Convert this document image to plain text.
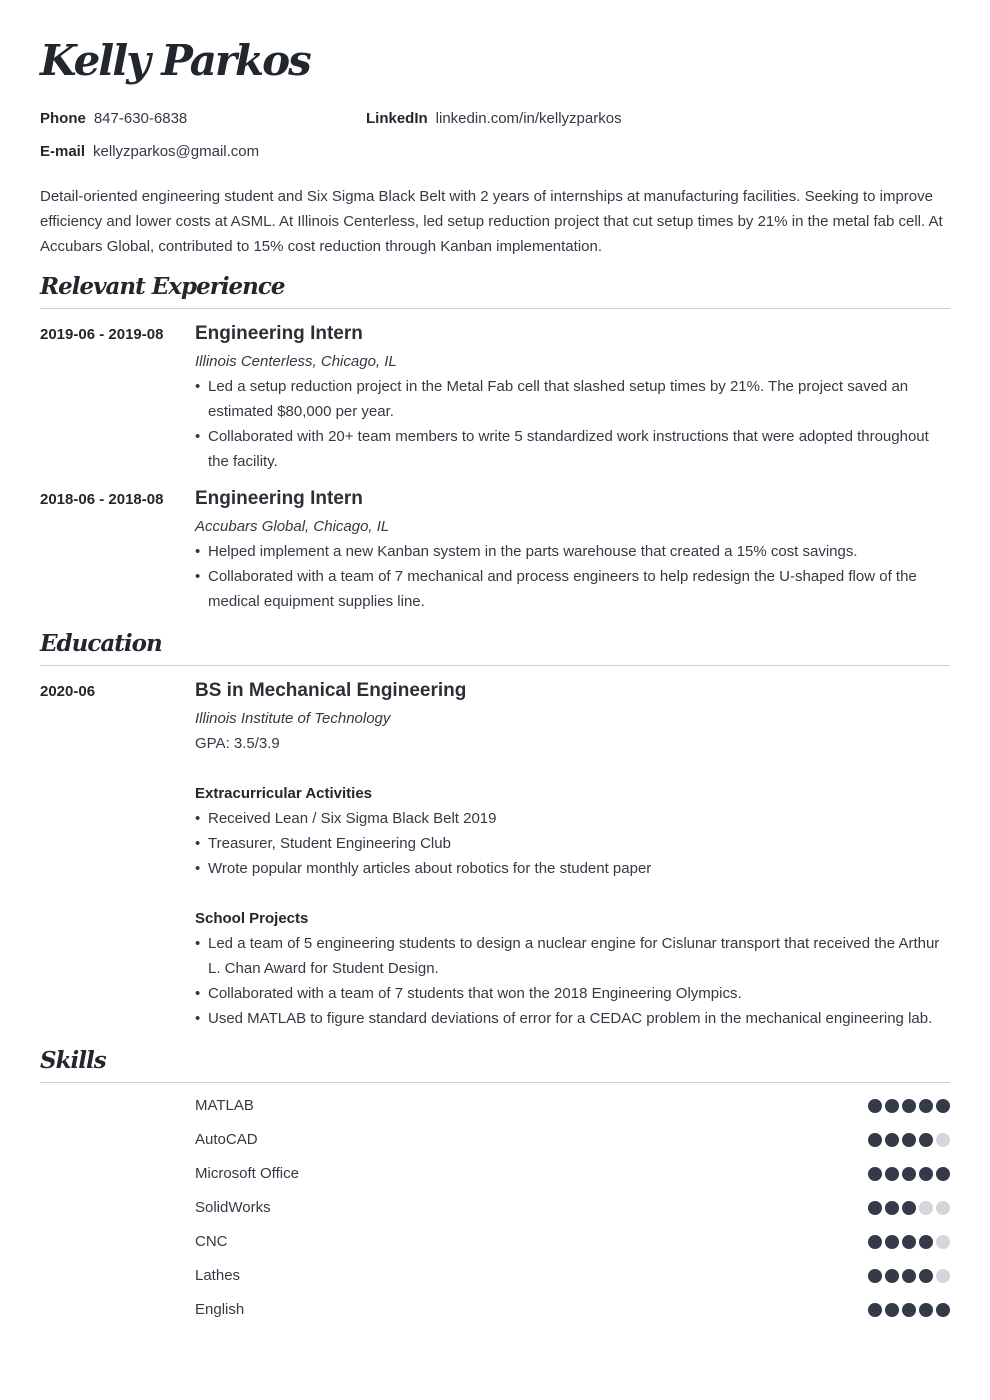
Kelly Parkos
Phone 847-630-6838	LinkedIn linkedin.com/in/kellyzparkos
E-mail kellyzparkos@gmail.com
Detail-oriented engineering student and Six Sigma Black Belt with 2 years of internships at manufacturing facilities. Seeking to improve efficiency and lower costs at ASML. At Illinois Centerless, led setup reduction project that cut setup times by 21% in the metal fab cell. At Accubars Global, contributed to 15% cost reduction through Kanban implementation.
Relevant Experience
2019-06 - 2019-08 Engineering Intern
Illinois Centerless, Chicago, IL
• Led a setup reduction project in the Metal Fab cell that slashed setup times by 21%. The project saved an estimated $80,000 per year.
• Collaborated with 20+ team members to write 5 standardized work instructions that were adopted throughout the facility.
2018-06 - 2018-08 Engineering Intern
Accubars Global, Chicago, IL
• Helped implement a new Kanban system in the parts warehouse that created a 15% cost savings.
• Collaborated with a team of 7 mechanical and process engineers to help redesign the U-shaped flow of the medical equipment supplies line.
Education
2020-06	BS in Mechanical Engineering
Illinois Institute of Technology
GPA: 3.5/3.9
Extracurricular Activities
• Received Lean / Six Sigma Black Belt 2019
• Treasurer, Student Engineering Club
• Wrote popular monthly articles about robotics for the student paper
School Projects
• Led a team of 5 engineering students to design a nuclear engine for Cislunar transport that received the Arthur L. Chan Award for Student Design.
• Collaborated with a team of 7 students that won the 2018 Engineering Olympics.
• Used MATLAB to figure standard deviations of error for a CEDAC problem in the mechanical engineering lab.
Skills
MATLAB
AutoCAD
Microsoft Office
SolidWorks
CNC
Lathes
English
